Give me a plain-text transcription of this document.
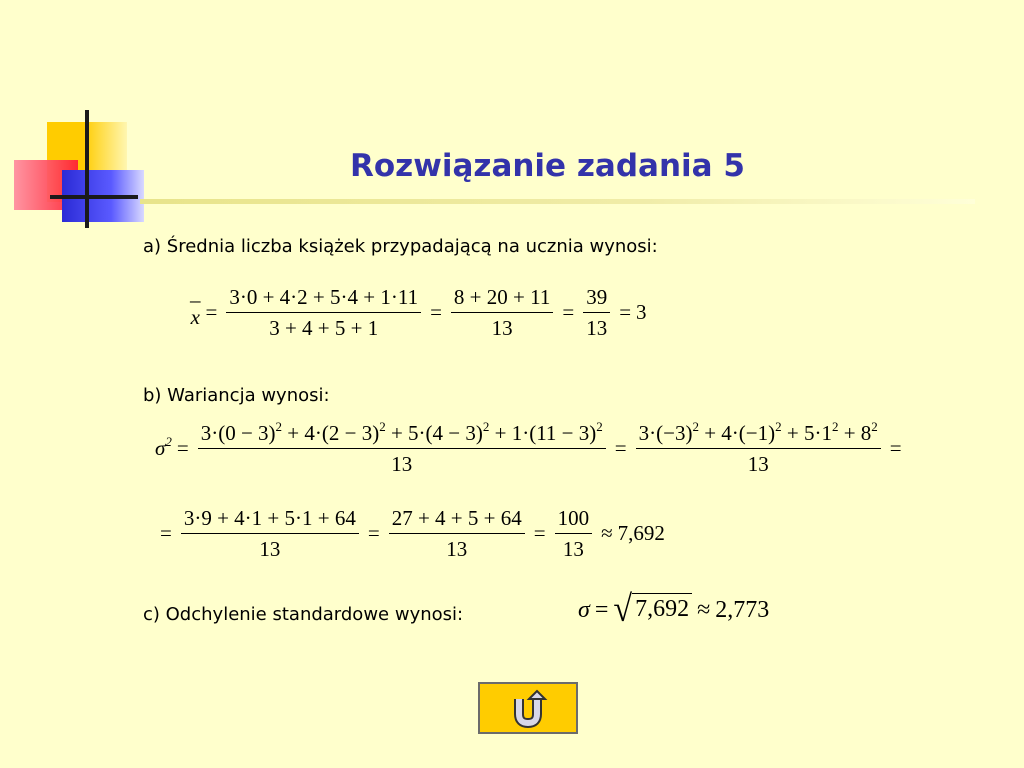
Rozwiązanie zadania 5
a) Średnia liczba książek przypadającą na ucznia wynosi:
–
$x = \frac{3\cdot 0 + 4\cdot 2 + 5\cdot 4 + 1\cdot 11}{3 + 4 + 5 + 1} = \frac{8 + 20 + 11}{13} = \frac{39}{13} = 3$
b) Wariancja wynosi:
$\sigma^2 = \frac{3\cdot(0 - 3)^2 + 4\cdot(2 - 3)^2 + 5\cdot(4 - 3)^2 + 1\cdot(11 - 3)^2}{13} = \frac{3\cdot(-3)^2 + 4\cdot(-1)^2 + 5\cdot 1^2 + 8^2}{13}$ =
= $\frac{3\cdot 9 + 4\cdot 1 + 5\cdot 1 + 64}{13} = \frac{27 + 4 + 5 + 64}{13} = \frac{100}{13} \approx 7,692$
c) Odchylenie standardowe wynosi:	σ = √ 7,692 ≈ 2,773
